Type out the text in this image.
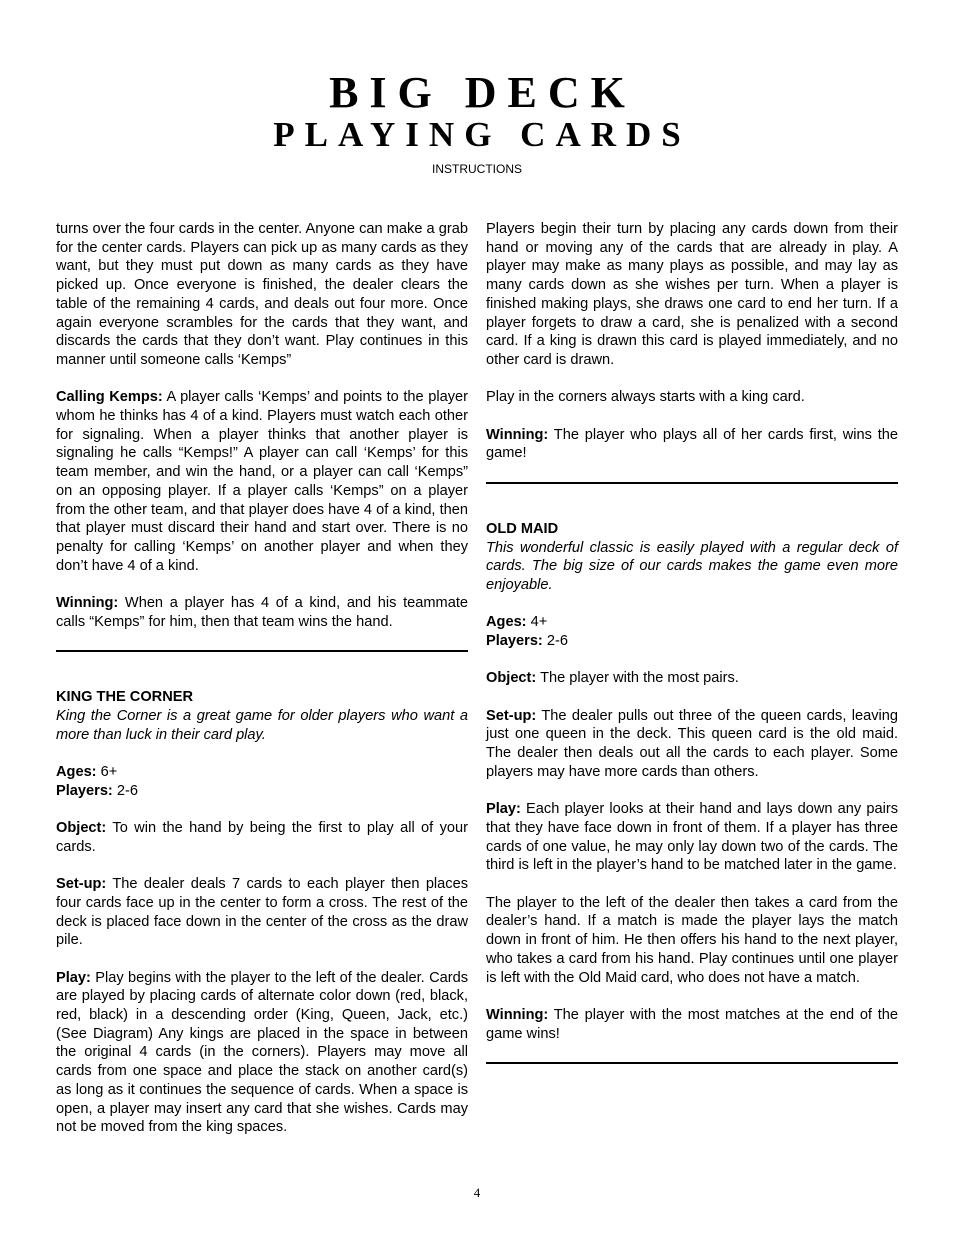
BIG DECK
PLAYING CARDS
INSTRUCTIONS

turns over the four cards in the center. Anyone can make a grab for the center cards. Players can pick up as many cards as they want, but they must put down as many cards as they have picked up. Once everyone is finished, the dealer clears the table of the remaining 4 cards, and deals out four more. Once again everyone scrambles for the cards that they want, and discards the cards that they don’t want. Play continues in this manner until someone calls ‘Kemps”

Calling Kemps: A player calls ‘Kemps’ and points to the player whom he thinks has 4 of a kind. Players must watch each other for signaling. When a player thinks that another player is signaling he calls “Kemps!” A player can call ‘Kemps’ for this team member, and win the hand, or a player can call ‘Kemps” on an opposing player. If a player calls ‘Kemps” on a player from the other team, and that player does have 4 of a kind, then that player must discard their hand and start over. There is no penalty for calling ‘Kemps’ on another player and when they don’t have 4 of a kind.

Winning: When a player has 4 of a kind, and his teammate calls “Kemps” for him, then that team wins the hand.

KING THE CORNER

King the Corner is a great game for older players who want a more than luck in their card play.

Ages: 6+

Players: 2-6

Object: To win the hand by being the first to play all of your cards.

Set-up: The dealer deals 7 cards to each player then places four cards face up in the center to form a cross. The rest of the deck is placed face down in the center of the cross as the draw pile.

Play: Play begins with the player to the left of the dealer. Cards are played by placing cards of alternate color down (red, black, red, black) in a descending order (King, Queen, Jack, etc.) (See Diagram) Any kings are placed in the space in between the original 4 cards (in the corners). Players may move all cards from one space and place the stack on another card(s) as long as it continues the sequence of cards. When a space is open, a player may insert any card that she wishes. Cards may not be moved from the king spaces.

Players begin their turn by placing any cards down from their hand or moving any of the cards that are already in play. A player may make as many plays as possible, and may lay as many cards down as she wishes per turn. When a player is finished making plays, she draws one card to end her turn. If a player forgets to draw a card, she is penalized with a second card. If a king is drawn this card is played immediately, and no other card is drawn.

Play in the corners always starts with a king card.

Winning: The player who plays all of her cards first, wins the game!

OLD MAID

This wonderful classic is easily played with a regular deck of cards. The big size of our cards makes the game even more enjoyable.

Ages: 4+

Players: 2-6

Object: The player with the most pairs.

Set-up: The dealer pulls out three of the queen cards, leaving just one queen in the deck. This queen card is the old maid. The dealer then deals out all the cards to each player. Some players may have more cards than others.

Play: Each player looks at their hand and lays down any pairs that they have face down in front of them. If a player has three cards of one value, he may only lay down two of the cards. The third is left in the player’s hand to be matched later in the game.

The player to the left of the dealer then takes a card from the dealer’s hand. If a match is made the player lays the match down in front of him. He then offers his hand to the next player, who takes a card from his hand. Play continues until one player is left with the Old Maid card, who does not have a match.

Winning: The player with the most matches at the end of the game wins!

4
